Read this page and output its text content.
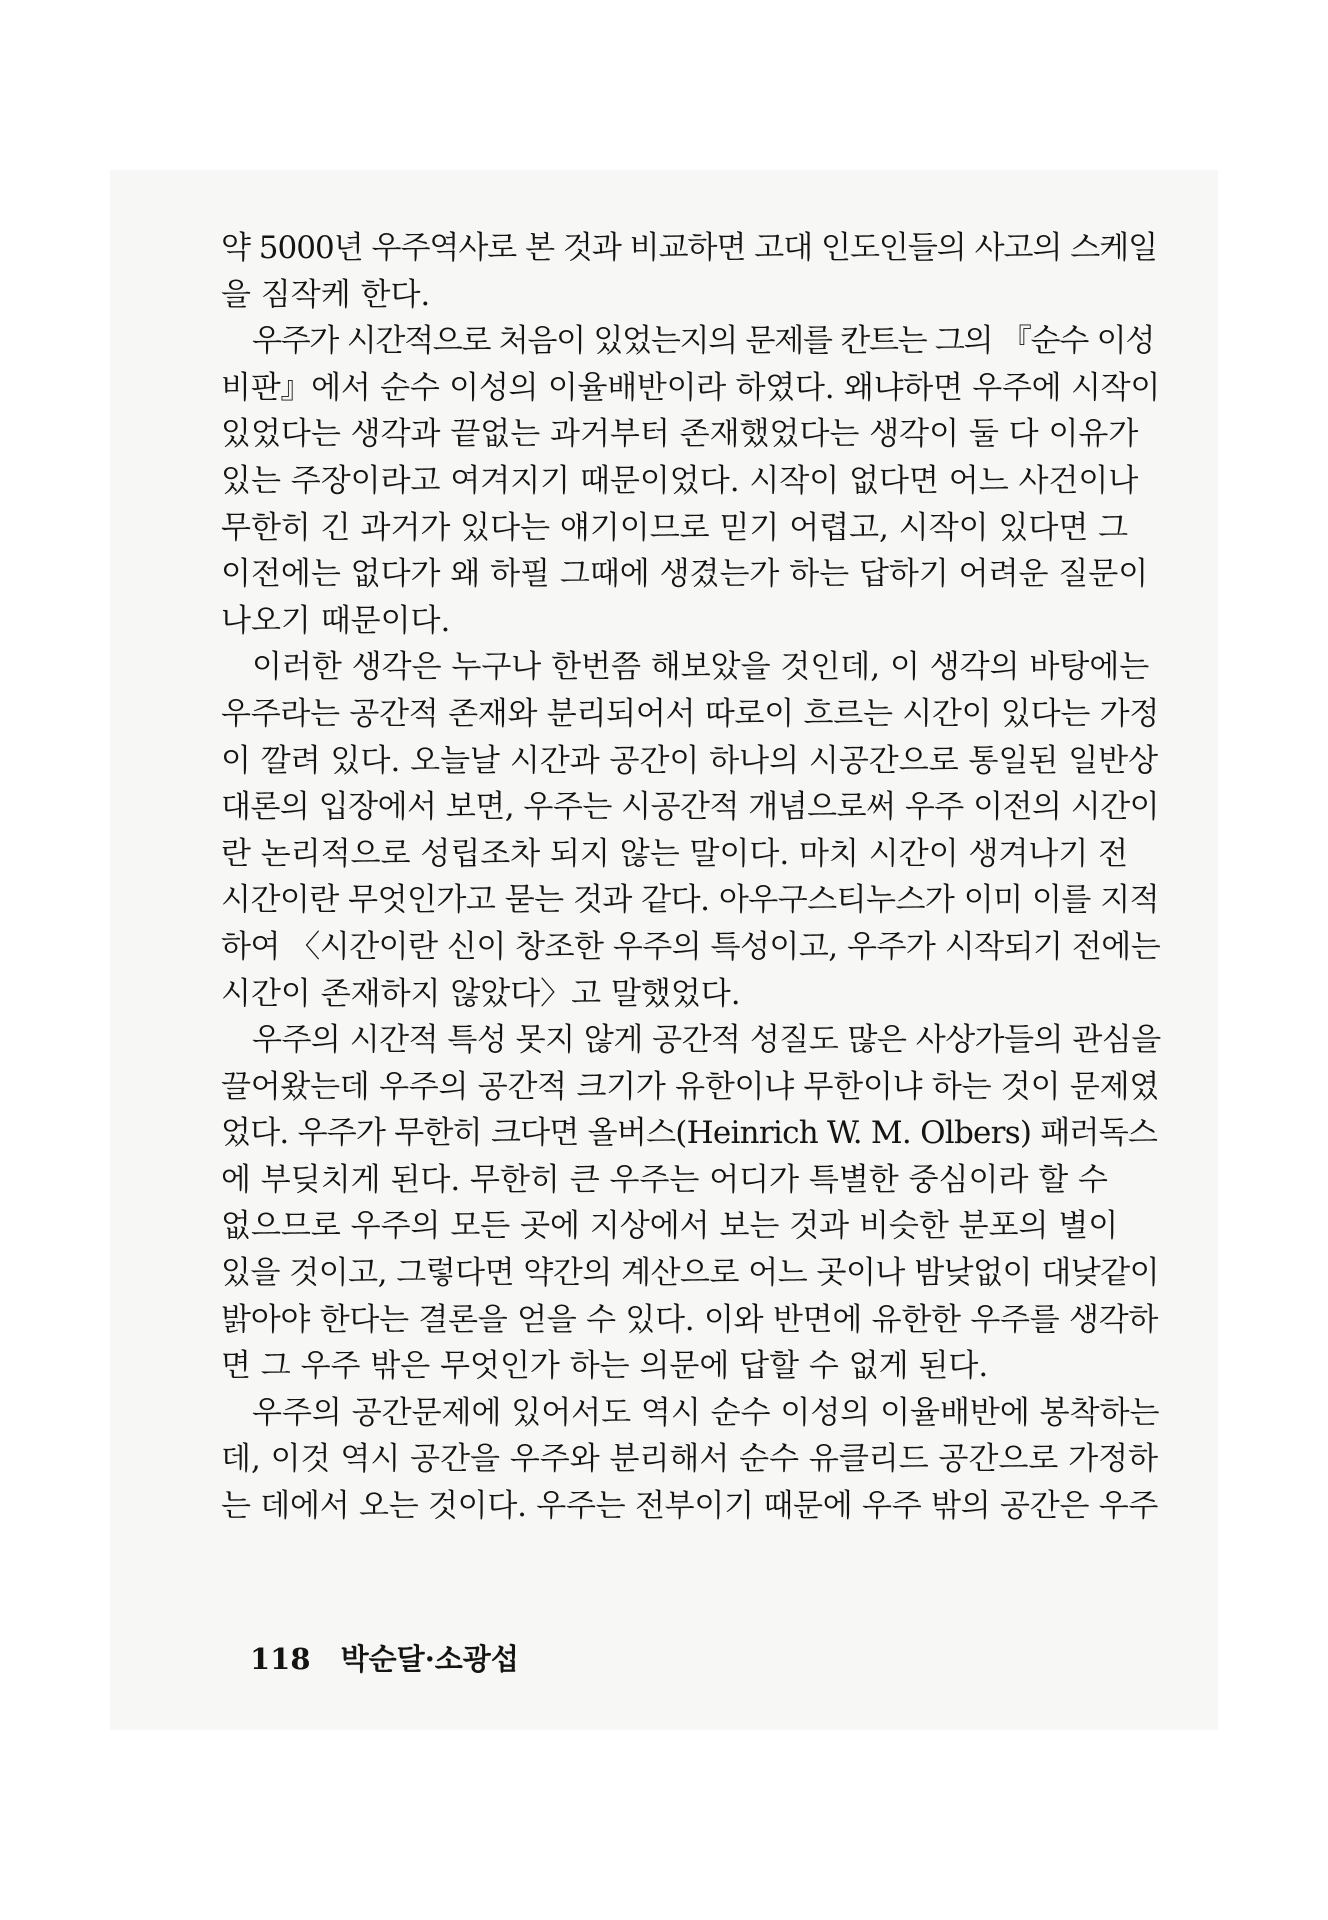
약 5000년 우주역사로 본 것과 비교하면 고대 인도인들의 사고의 스케일
을 짐작케 한다.
우주가 시간적으로 처음이 있었는지의 문제를 칸트는 그의 『순수 이성
비판』에서 순수 이성의 이율배반이라 하였다. 왜냐하면 우주에 시작이
있었다는 생각과 끝없는 과거부터 존재했었다는 생각이 둘 다 이유가
있는 주장이라고 여겨지기 때문이었다. 시작이 없다면 어느 사건이나
무한히 긴 과거가 있다는 얘기이므로 믿기 어렵고, 시작이 있다면 그
이전에는 없다가 왜 하필 그때에 생겼는가 하는 답하기 어려운 질문이
나오기 때문이다.
이러한 생각은 누구나 한번쯤 해보았을 것인데, 이 생각의 바탕에는
우주라는 공간적 존재와 분리되어서 따로이 흐르는 시간이 있다는 가정
이 깔려 있다. 오늘날 시간과 공간이 하나의 시공간으로 통일된 일반상
대론의 입장에서 보면, 우주는 시공간적 개념으로써 우주 이전의 시간이
란 논리적으로 성립조차 되지 않는 말이다. 마치 시간이 생겨나기 전
시간이란 무엇인가고 묻는 것과 같다. 아우구스티누스가 이미 이를 지적
하여 〈시간이란 신이 창조한 우주의 특성이고, 우주가 시작되기 전에는
시간이 존재하지 않았다〉고 말했었다.
우주의 시간적 특성 못지 않게 공간적 성질도 많은 사상가들의 관심을
끌어왔는데 우주의 공간적 크기가 유한이냐 무한이냐 하는 것이 문제였
었다. 우주가 무한히 크다면 올버스(Heinrich W. M. Olbers) 패러독스
에 부딪치게 된다. 무한히 큰 우주는 어디가 특별한 중심이라 할 수
없으므로 우주의 모든 곳에 지상에서 보는 것과 비슷한 분포의 별이
있을 것이고, 그렇다면 약간의 계산으로 어느 곳이나 밤낮없이 대낮같이
밝아야 한다는 결론을 얻을 수 있다. 이와 반면에 유한한 우주를 생각하
면 그 우주 밖은 무엇인가 하는 의문에 답할 수 없게 된다.
우주의 공간문제에 있어서도 역시 순수 이성의 이율배반에 봉착하는
데, 이것 역시 공간을 우주와 분리해서 순수 유클리드 공간으로 가정하
는 데에서 오는 것이다. 우주는 전부이기 때문에 우주 밖의 공간은 우주
118 박순달·소광섭
